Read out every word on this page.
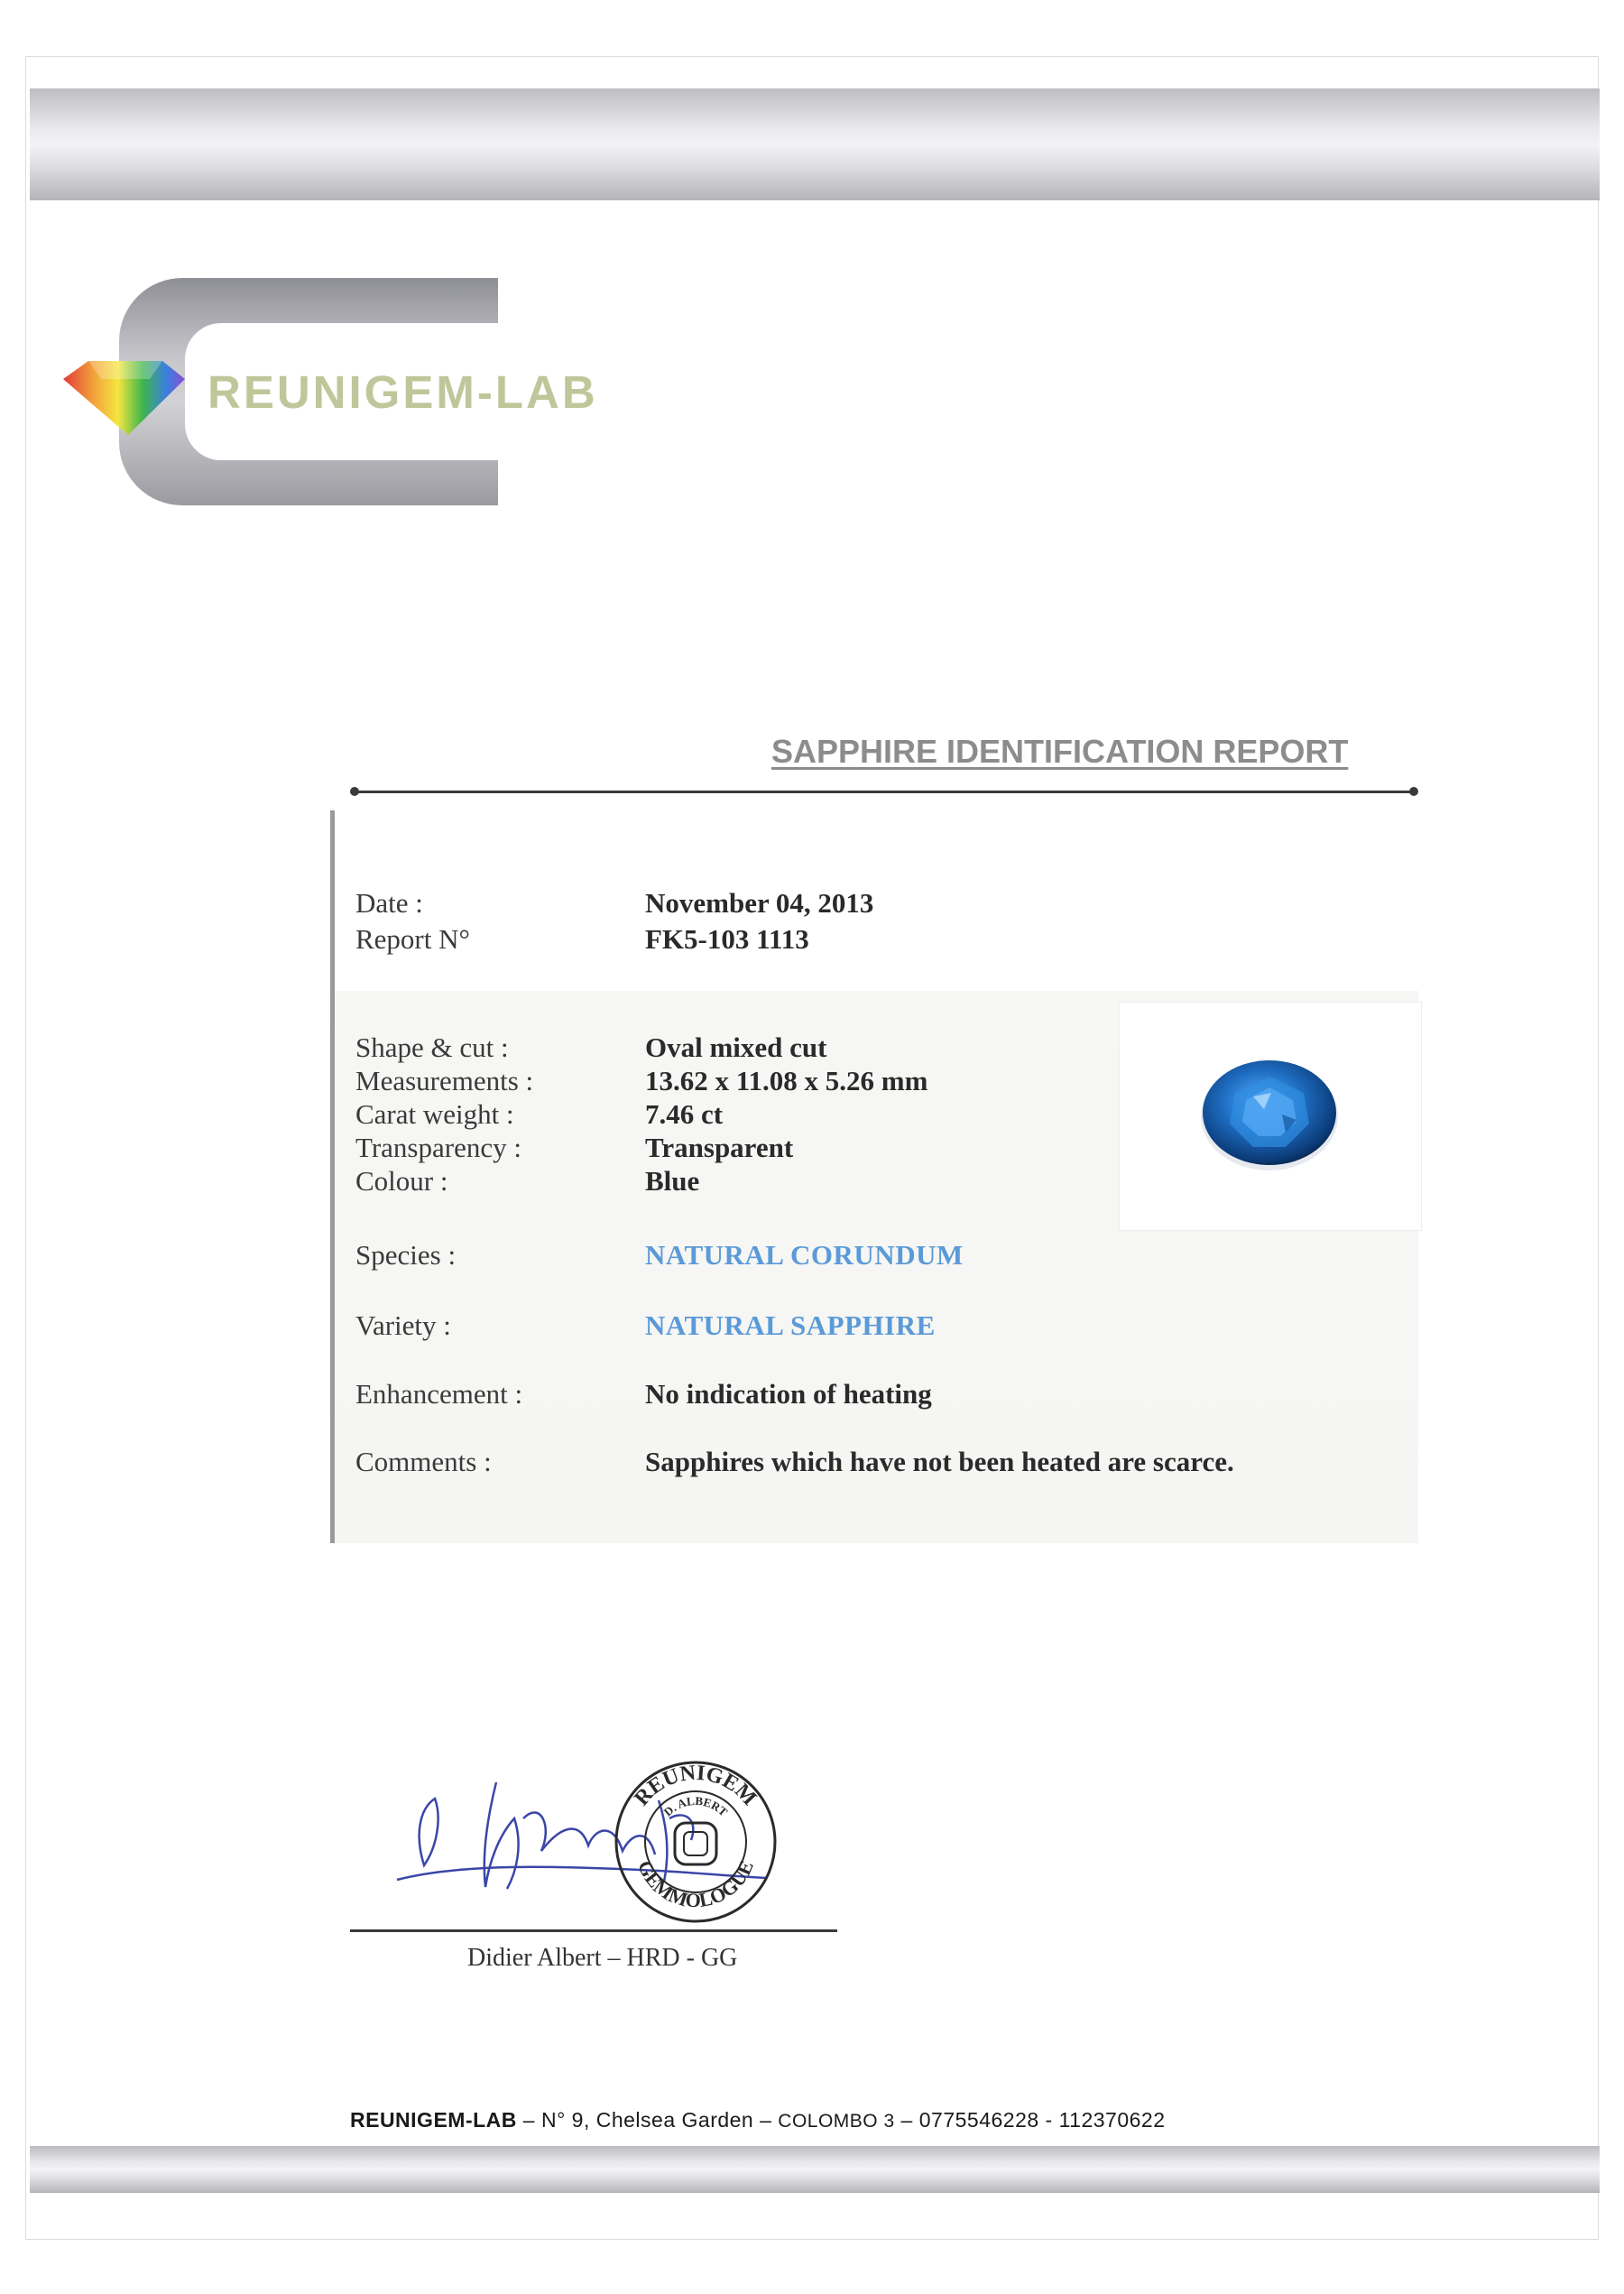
REUNIGEM-LAB
SAPPHIRE IDENTIFICATION REPORT
Date :	November 04, 2013
Report N°	FK5-103 1113
Shape & cut :	Oval mixed cut
Measurements :	13.62 x 11.08 x 5.26 mm
Carat weight :	7.46 ct
Transparency :	Transparent
Colour :	Blue
Species :	NATURAL CORUNDUM
Variety :	NATURAL SAPPHIRE
Enhancement :	No indication of heating
Comments :	Sapphires which have not been heated are scarce.
REUNIGEM
D. ALBERT
GEMMOLOGUE
Didier Albert – HRD - GG
REUNIGEM-LAB – N° 9, Chelsea Garden – COLOMBO 3 – 0775546228 - 112370622
